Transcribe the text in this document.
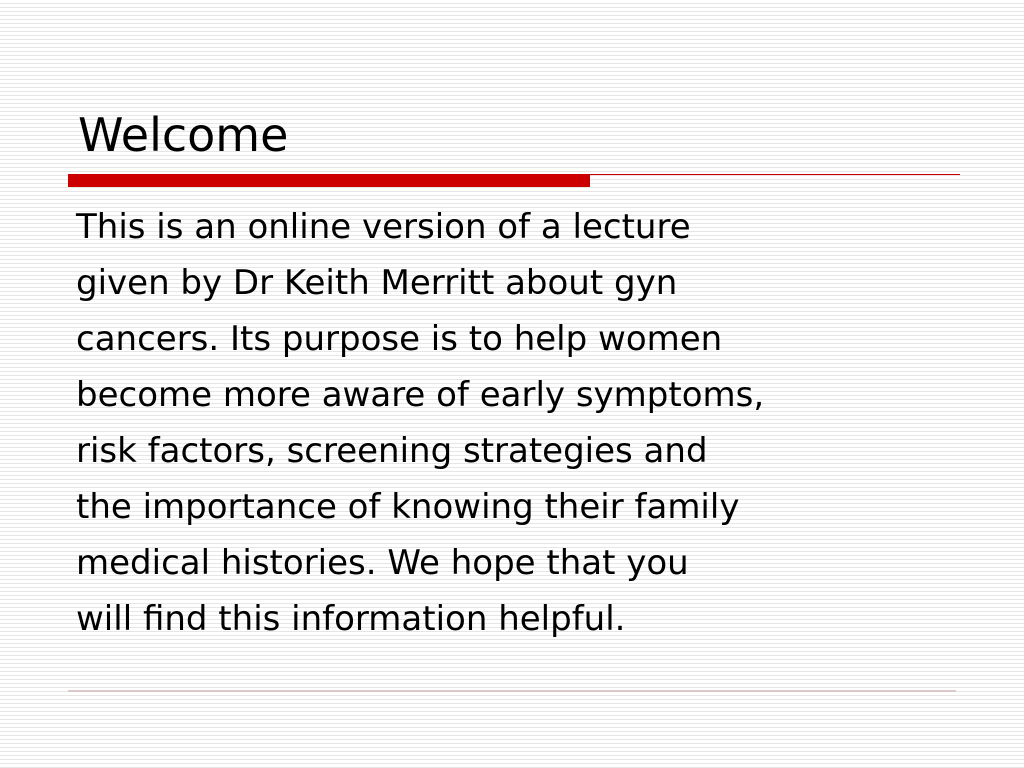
Welcome

This is an online version of a lecture
given by Dr Keith Merritt about gyn
cancers. Its purpose is to help women
become more aware of early symptoms,
risk factors, screening strategies and
the importance of knowing their family
medical histories. We hope that you
will find this information helpful.
